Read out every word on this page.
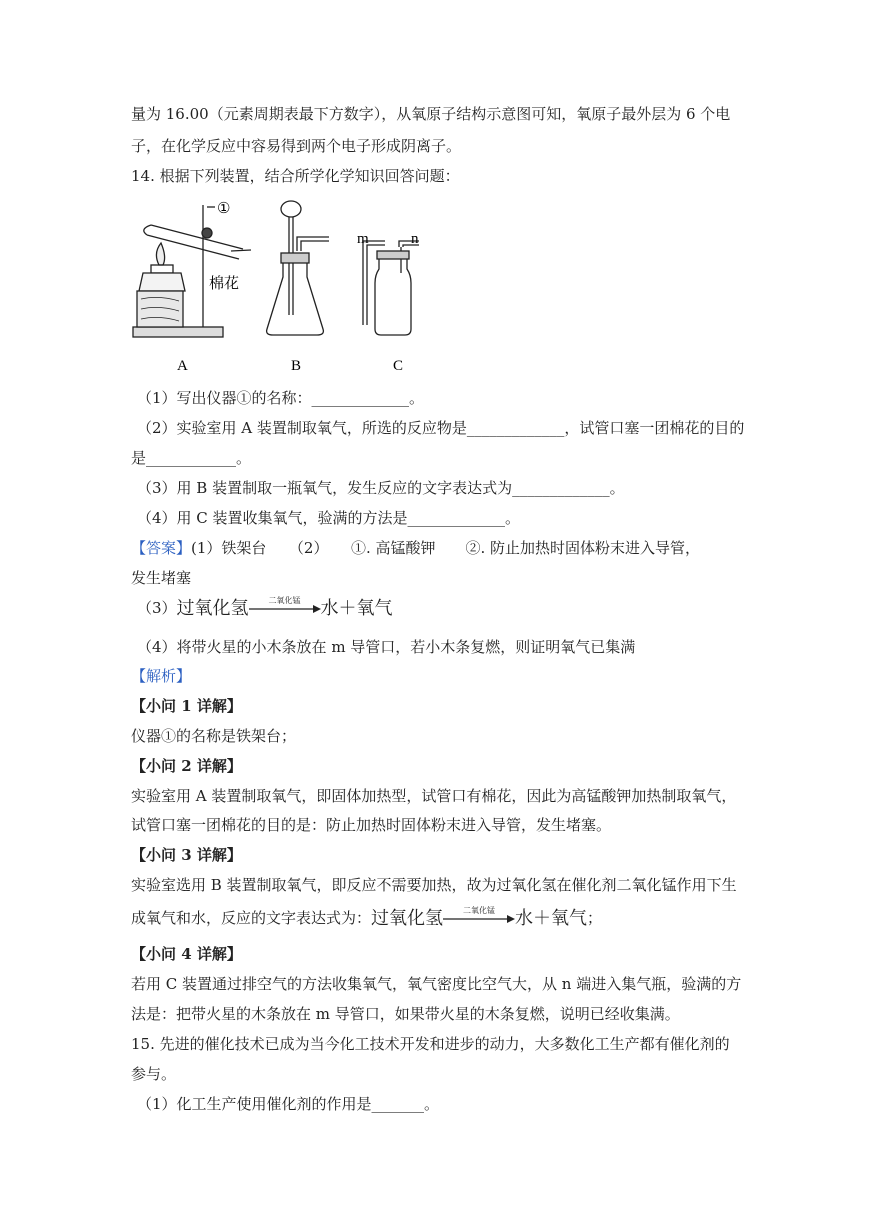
量为 16.00（元素周期表最下方数字），从氧原子结构示意图可知，氧原子最外层为 6 个电
子，在化学反应中容易得到两个电子形成阴离子。
14. 根据下列装置，结合所学化学知识回答问题：
①
棉花
A	B
m	n
C
（1）写出仪器①的名称：_____________。
（2）实验室用 A 装置制取氧气，所选的反应物是_____________，试管口塞一团棉花的目的
是____________。
（3）用 B 装置制取一瓶氧气，发生反应的文字表达式为_____________。
（4）用 C 装置收集氧气，验满的方法是_____________。
【答案】(1）铁架台　　（2）　　①. 高锰酸钾　　②. 防止加热时固体粉末进入导管，
发生堵塞
（3）过氧化氢	二氧化锰	水＋氧气
（4）将带火星的小木条放在 m 导管口，若小木条复燃，则证明氧气已集满
【解析】
【小问 1 详解】
仪器①的名称是铁架台；
【小问 2 详解】
实验室用 A 装置制取氧气，即固体加热型，试管口有棉花，因此为高锰酸钾加热制取氧气，
试管口塞一团棉花的目的是：防止加热时固体粉末进入导管，发生堵塞。
【小问 3 详解】
实验室选用 B 装置制取氧气，即反应不需要加热，故为过氧化氢在催化剂二氧化锰作用下生
成氧气和水，反应的文字表达式为：过氧化氢	二氧化锰	水＋氧气；
【小问 4 详解】
若用 C 装置通过排空气的方法收集氧气，氧气密度比空气大，从 n 端进入集气瓶，验满的方
法是：把带火星的木条放在 m 导管口，如果带火星的木条复燃，说明已经收集满。
15. 先进的催化技术已成为当今化工技术开发和进步的动力，大多数化工生产都有催化剂的
参与。
（1）化工生产使用催化剂的作用是_______。
